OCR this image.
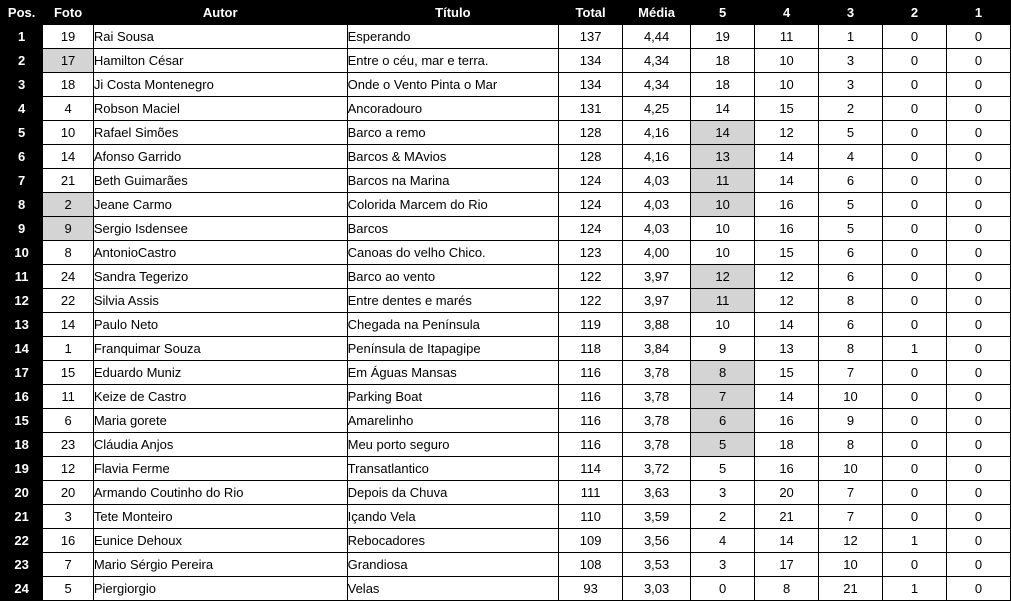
Pos.	Foto	Autor	Título	Total	Média	5	4	3	2	1
1	19	Rai Sousa	Esperando	137	4,44	19	11	1	0	0
2	17	Hamilton César	Entre o céu, mar e terra.	134	4,34	18	10	3	0	0
3	18	Ji Costa Montenegro	Onde o Vento Pinta o Mar	134	4,34	18	10	3	0	0
4	4	Robson Maciel	Ancoradouro	131	4,25	14	15	2	0	0
5	10	Rafael Simões	Barco a remo	128	4,16	14	12	5	0	0
6	14	Afonso Garrido	Barcos & MAvios	128	4,16	13	14	4	0	0
7	21	Beth Guimarães	Barcos na Marina	124	4,03	11	14	6	0	0
8	2	Jeane Carmo	Colorida Marcem do Rio	124	4,03	10	16	5	0	0
9	9	Sergio Isdensee	Barcos	124	4,03	10	16	5	0	0
10	8	AntonioCastro	Canoas do velho Chico.	123	4,00	10	15	6	0	0
11	24	Sandra Tegerizo	Barco ao vento	122	3,97	12	12	6	0	0
12	22	Silvia Assis	Entre dentes e marés	122	3,97	11	12	8	0	0
13	14	Paulo Neto	Chegada na Península	119	3,88	10	14	6	0	0
14	1	Franquimar Souza	Península de Itapagipe	118	3,84	9	13	8	1	0
17	15	Eduardo Muniz	Em Águas Mansas	116	3,78	8	15	7	0	0
16	11	Keize de Castro	Parking Boat	116	3,78	7	14	10	0	0
15	6	Maria gorete	Amarelinho	116	3,78	6	16	9	0	0
18	23	Cláudia Anjos	Meu porto seguro	116	3,78	5	18	8	0	0
19	12	Flavia Ferme	Transatlantico	114	3,72	5	16	10	0	0
20	20	Armando Coutinho do Rio	Depois da Chuva	111	3,63	3	20	7	0	0
21	3	Tete Monteiro	Içando Vela	110	3,59	2	21	7	0	0
22	16	Eunice Dehoux	Rebocadores	109	3,56	4	14	12	1	0
23	7	Mario Sérgio Pereira	Grandiosa	108	3,53	3	17	10	0	0
24	5	Piergiorgio	Velas	93	3,03	0	8	21	1	0
